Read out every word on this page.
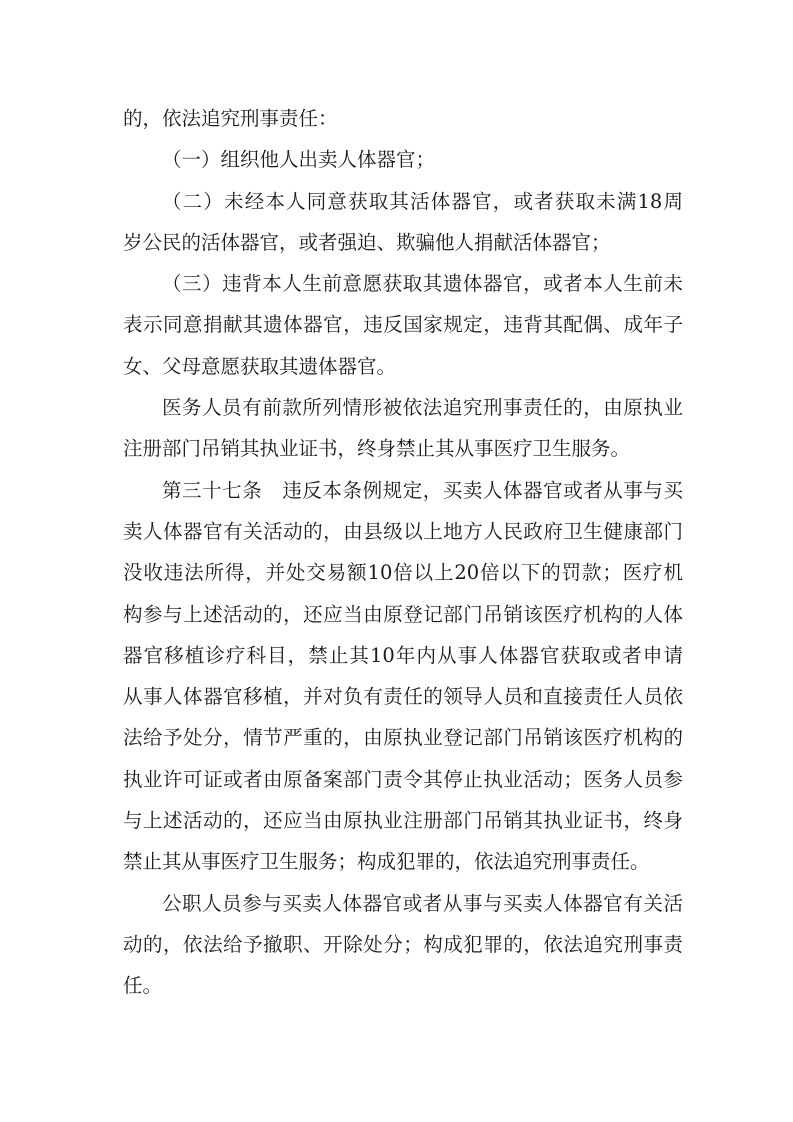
的，依法追究刑事责任：
（一）组织他人出卖人体器官；
（二）未经本人同意获取其活体器官，或者获取未满18周
岁公民的活体器官，或者强迫、欺骗他人捐献活体器官；
（三）违背本人生前意愿获取其遗体器官，或者本人生前未
表示同意捐献其遗体器官，违反国家规定，违背其配偶、成年子
女、父母意愿获取其遗体器官。
医务人员有前款所列情形被依法追究刑事责任的，由原执业
注册部门吊销其执业证书，终身禁止其从事医疗卫生服务。
第三十七条　违反本条例规定，买卖人体器官或者从事与买
卖人体器官有关活动的，由县级以上地方人民政府卫生健康部门
没收违法所得，并处交易额10倍以上20倍以下的罚款；医疗机
构参与上述活动的，还应当由原登记部门吊销该医疗机构的人体
器官移植诊疗科目，禁止其10年内从事人体器官获取或者申请
从事人体器官移植，并对负有责任的领导人员和直接责任人员依
法给予处分，情节严重的，由原执业登记部门吊销该医疗机构的
执业许可证或者由原备案部门责令其停止执业活动；医务人员参
与上述活动的，还应当由原执业注册部门吊销其执业证书，终身
禁止其从事医疗卫生服务；构成犯罪的，依法追究刑事责任。
公职人员参与买卖人体器官或者从事与买卖人体器官有关活
动的，依法给予撤职、开除处分；构成犯罪的，依法追究刑事责
任。
